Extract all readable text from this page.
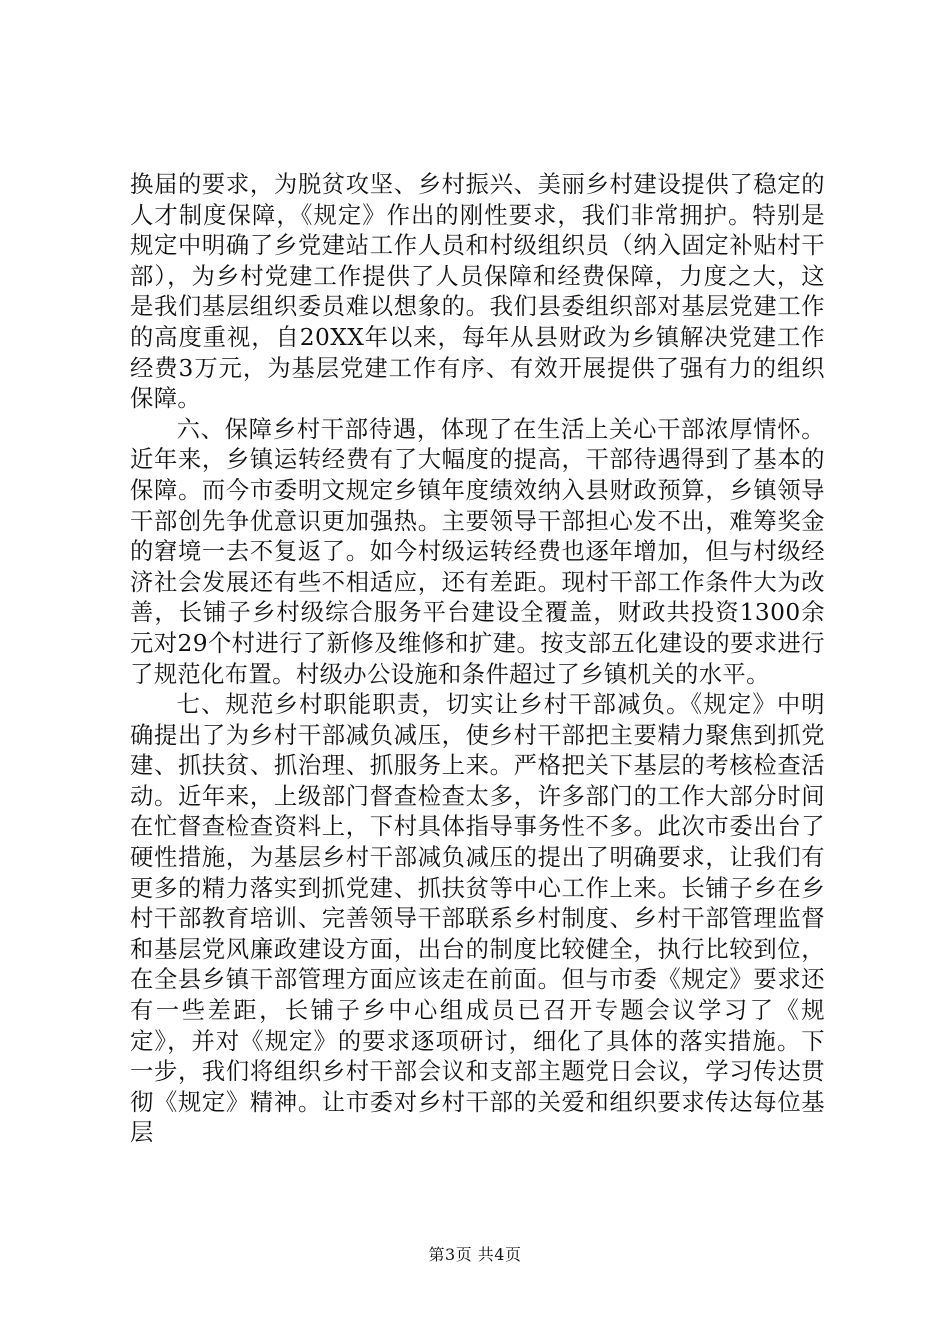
换届的要求，为脱贫攻坚、乡村振兴、美丽乡村建设提供了稳定的人才制度保障，《规定》作出的刚性要求，我们非常拥护。特别是规定中明确了乡党建站工作人员和村级组织员（纳入固定补贴村干部），为乡村党建工作提供了人员保障和经费保障，力度之大，这是我们基层组织委员难以想象的。我们县委组织部对基层党建工作的高度重视，自20XX年以来，每年从县财政为乡镇解决党建工作经费3万元，为基层党建工作有序、有效开展提供了强有力的组织保障。

六、保障乡村干部待遇，体现了在生活上关心干部浓厚情怀。近年来，乡镇运转经费有了大幅度的提高，干部待遇得到了基本的保障。而今市委明文规定乡镇年度绩效纳入县财政预算，乡镇领导干部创先争优意识更加强热。主要领导干部担心发不出，难筹奖金的窘境一去不复返了。如今村级运转经费也逐年增加，但与村级经济社会发展还有些不相适应，还有差距。现村干部工作条件大为改善，长铺子乡村级综合服务平台建设全覆盖，财政共投资1300余元对29个村进行了新修及维修和扩建。按支部五化建设的要求进行了规范化布置。村级办公设施和条件超过了乡镇机关的水平。

七、规范乡村职能职责，切实让乡村干部减负。《规定》中明确提出了为乡村干部减负减压，使乡村干部把主要精力聚焦到抓党建、抓扶贫、抓治理、抓服务上来。严格把关下基层的考核检查活动。近年来，上级部门督查检查太多，许多部门的工作大部分时间在忙督查检查资料上，下村具体指导事务性不多。此次市委出台了硬性措施，为基层乡村干部减负减压的提出了明确要求，让我们有更多的精力落实到抓党建、抓扶贫等中心工作上来。长铺子乡在乡村干部教育培训、完善领导干部联系乡村制度、乡村干部管理监督和基层党风廉政建设方面，出台的制度比较健全，执行比较到位，在全县乡镇干部管理方面应该走在前面。但与市委《规定》要求还有一些差距，长铺子乡中心组成员已召开专题会议学习了《规定》，并对《规定》的要求逐项研讨，细化了具体的落实措施。下一步，我们将组织乡村干部会议和支部主题党日会议，学习传达贯彻《规定》精神。让市委对乡村干部的关爱和组织要求传达每位基层

第3页 共4页
